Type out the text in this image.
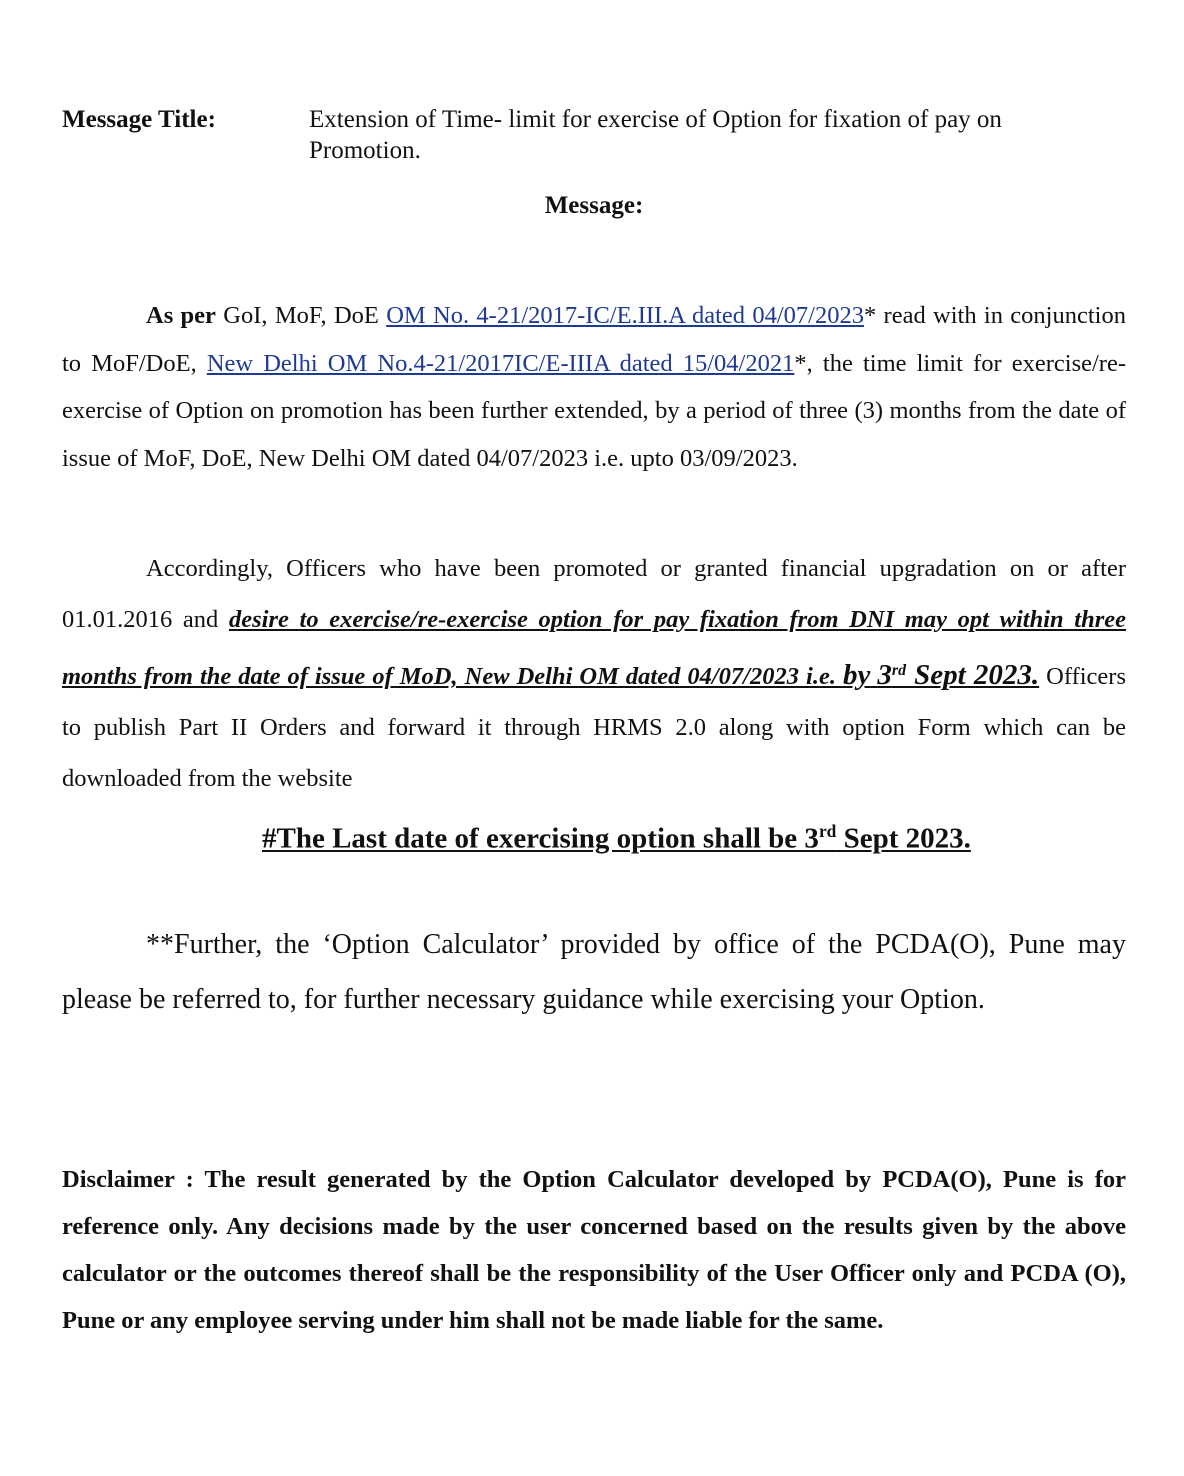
Message Title:	Extension of Time- limit for exercise of Option for fixation of pay on Promotion.
Message:

As per GoI, MoF, DoE OM No. 4-21/2017-IC/E.III.A dated 04/07/2023* read with in conjunction to MoF/DoE, New Delhi OM No.4-21/2017IC/E-IIIA dated 15/04/2021*, the time limit for exercise/re-exercise of Option on promotion has been further extended, by a period of three (3) months from the date of issue of MoF, DoE, New Delhi OM dated 04/07/2023 i.e. upto 03/09/2023.

Accordingly, Officers who have been promoted or granted financial upgradation on or after 01.01.2016 and desire to exercise/re-exercise option for pay fixation from DNI may opt within three months from the date of issue of MoD, New Delhi OM dated 04/07/2023 i.e. by 3rd Sept 2023. Officers to publish Part II Orders and forward it through HRMS 2.0 along with option Form which can be downloaded from the website

#The Last date of exercising option shall be 3rd Sept 2023.

**Further, the ‘Option Calculator’ provided by office of the PCDA(O), Pune may please be referred to, for further necessary guidance while exercising your Option.

Disclaimer : The result generated by the Option Calculator developed by PCDA(O), Pune is for reference only. Any decisions made by the user concerned based on the results given by the above calculator or the outcomes thereof shall be the responsibility of the User Officer only and PCDA (O), Pune or any employee serving under him shall not be made liable for the same.
